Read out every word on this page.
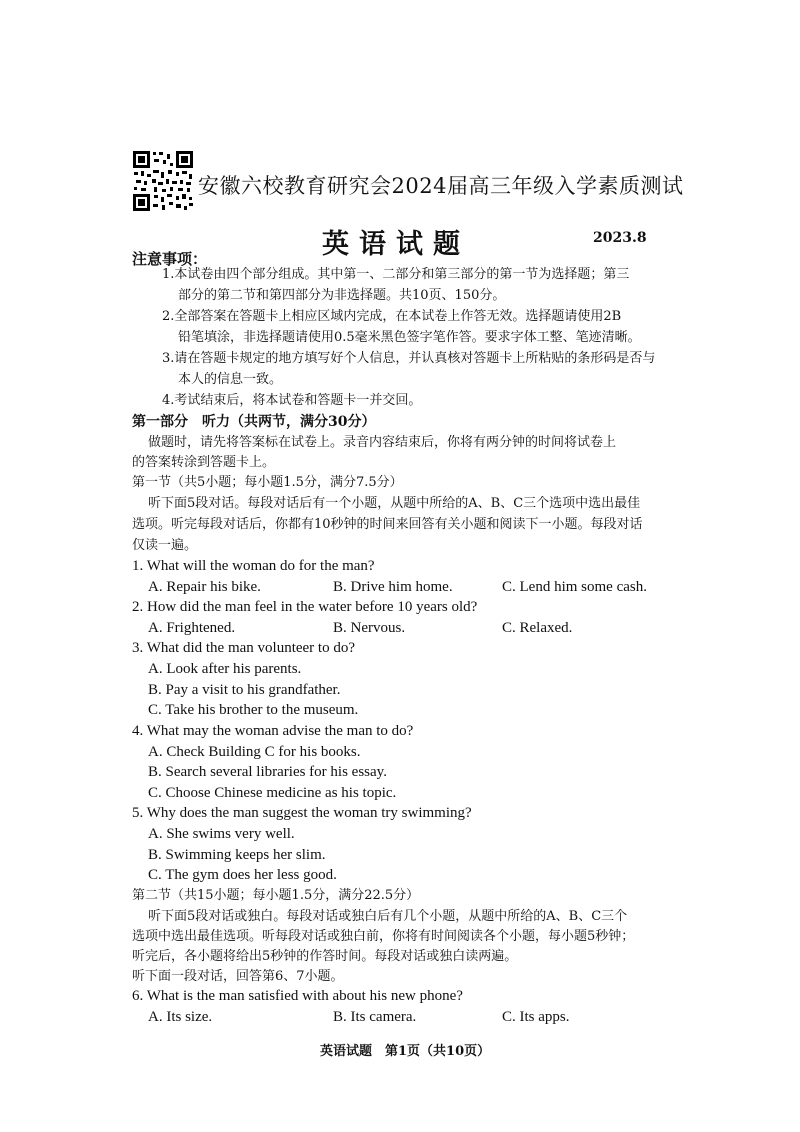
安徽六校教育研究会2024届高三年级入学素质测试
英语试题	2023.8
注意事项：
1.本试卷由四个部分组成。其中第一、二部分和第三部分的第一节为选择题；第三
部分的第二节和第四部分为非选择题。共10页、150分。
2.全部答案在答题卡上相应区域内完成，在本试卷上作答无效。选择题请使用2B
铅笔填涂，非选择题请使用0.5毫米黑色签字笔作答。要求字体工整、笔迹清晰。
3.请在答题卡规定的地方填写好个人信息，并认真核对答题卡上所粘贴的条形码是否与
本人的信息一致。
4.考试结束后，将本试卷和答题卡一并交回。
第一部分　听力（共两节，满分30分）
做题时，请先将答案标在试卷上。录音内容结束后，你将有两分钟的时间将试卷上
的答案转涂到答题卡上。
第一节（共5小题；每小题1.5分，满分7.5分）
听下面5段对话。每段对话后有一个小题，从题中所给的A、B、C三个选项中选出最佳
选项。听完每段对话后，你都有10秒钟的时间来回答有关小题和阅读下一小题。每段对话
仅读一遍。
1. What will the woman do for the man?
A. Repair his bike.	B. Drive him home.	C. Lend him some cash.
2. How did the man feel in the water before 10 years old?
A. Frightened.	B. Nervous.	C. Relaxed.
3. What did the man volunteer to do?
A. Look after his parents.
B. Pay a visit to his grandfather.
C. Take his brother to the museum.
4. What may the woman advise the man to do?
A. Check Building C for his books.
B. Search several libraries for his essay.
C. Choose Chinese medicine as his topic.
5. Why does the man suggest the woman try swimming?
A. She swims very well.
B. Swimming keeps her slim.
C. The gym does her less good.
第二节（共15小题；每小题1.5分，满分22.5分）
听下面5段对话或独白。每段对话或独白后有几个小题，从题中所给的A、B、C三个
选项中选出最佳选项。听每段对话或独白前，你将有时间阅读各个小题，每小题5秒钟；
听完后，各小题将给出5秒钟的作答时间。每段对话或独白读两遍。
听下面一段对话，回答第6、7小题。
6. What is the man satisfied with about his new phone?
A. Its size.	B. Its camera.	C. Its apps.
英语试题　第1页（共10页）
